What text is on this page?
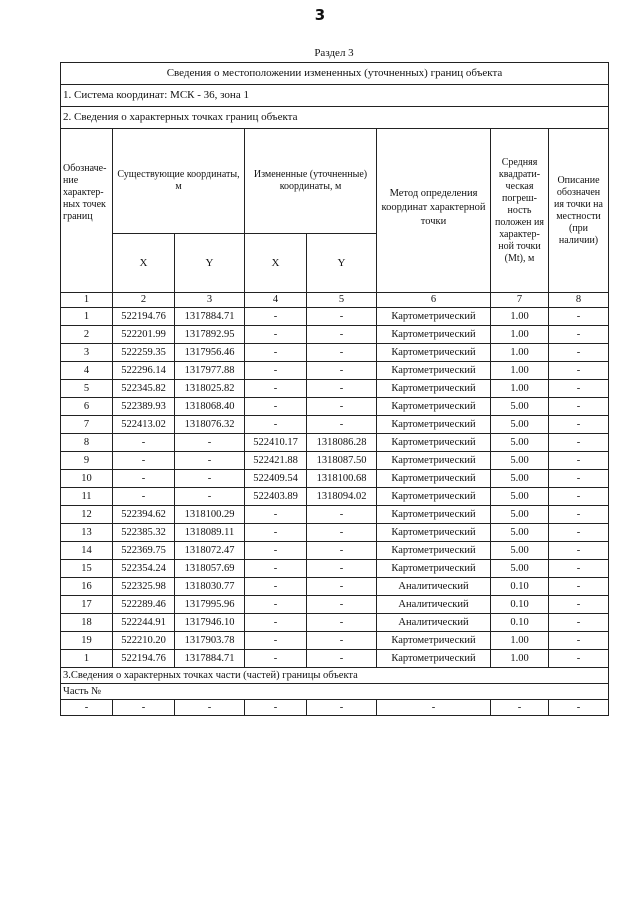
3
Раздел 3
Сведения о местоположении измененных (уточненных) границ объекта							
1. Система координат: МСК - 36, зона 1							
2. Сведения о характерных точках границ объекта							
Обозначе-ние характер-ных точек границ	Существующие координаты, м		Измененные (уточненные) координаты, м		Метод определения координат характерной точки	Средняя квадрати-ческая погреш-ность положен ия характер-ной точки (Mt), м	Описание обозначен ия точки на местности (при наличии)
	X	Y	X	Y			
1	2	3	4	5	6	7	8
1	522194.76	1317884.71	-	-	Картометрический	1.00	-
2	522201.99	1317892.95	-	-	Картометрический	1.00	-
3	522259.35	1317956.46	-	-	Картометрический	1.00	-
4	522296.14	1317977.88	-	-	Картометрический	1.00	-
5	522345.82	1318025.82	-	-	Картометрический	1.00	-
6	522389.93	1318068.40	-	-	Картометрический	5.00	-
7	522413.02	1318076.32	-	-	Картометрический	5.00	-
8	-	-	522410.17	1318086.28	Картометрический	5.00	-
9	-	-	522421.88	1318087.50	Картометрический	5.00	-
10	-	-	522409.54	1318100.68	Картометрический	5.00	-
11	-	-	522403.89	1318094.02	Картометрический	5.00	-
12	522394.62	1318100.29	-	-	Картометрический	5.00	-
13	522385.32	1318089.11	-	-	Картометрический	5.00	-
14	522369.75	1318072.47	-	-	Картометрический	5.00	-
15	522354.24	1318057.69	-	-	Картометрический	5.00	-
16	522325.98	1318030.77	-	-	Аналитический	0.10	-
17	522289.46	1317995.96	-	-	Аналитический	0.10	-
18	522244.91	1317946.10	-	-	Аналитический	0.10	-
19	522210.20	1317903.78	-	-	Картометрический	1.00	-
1	522194.76	1317884.71	-	-	Картометрический	1.00	-
3.Сведения о характерных точках части (частей) границы объекта							
Часть №							
-	-	-	-	-	-	-	-
